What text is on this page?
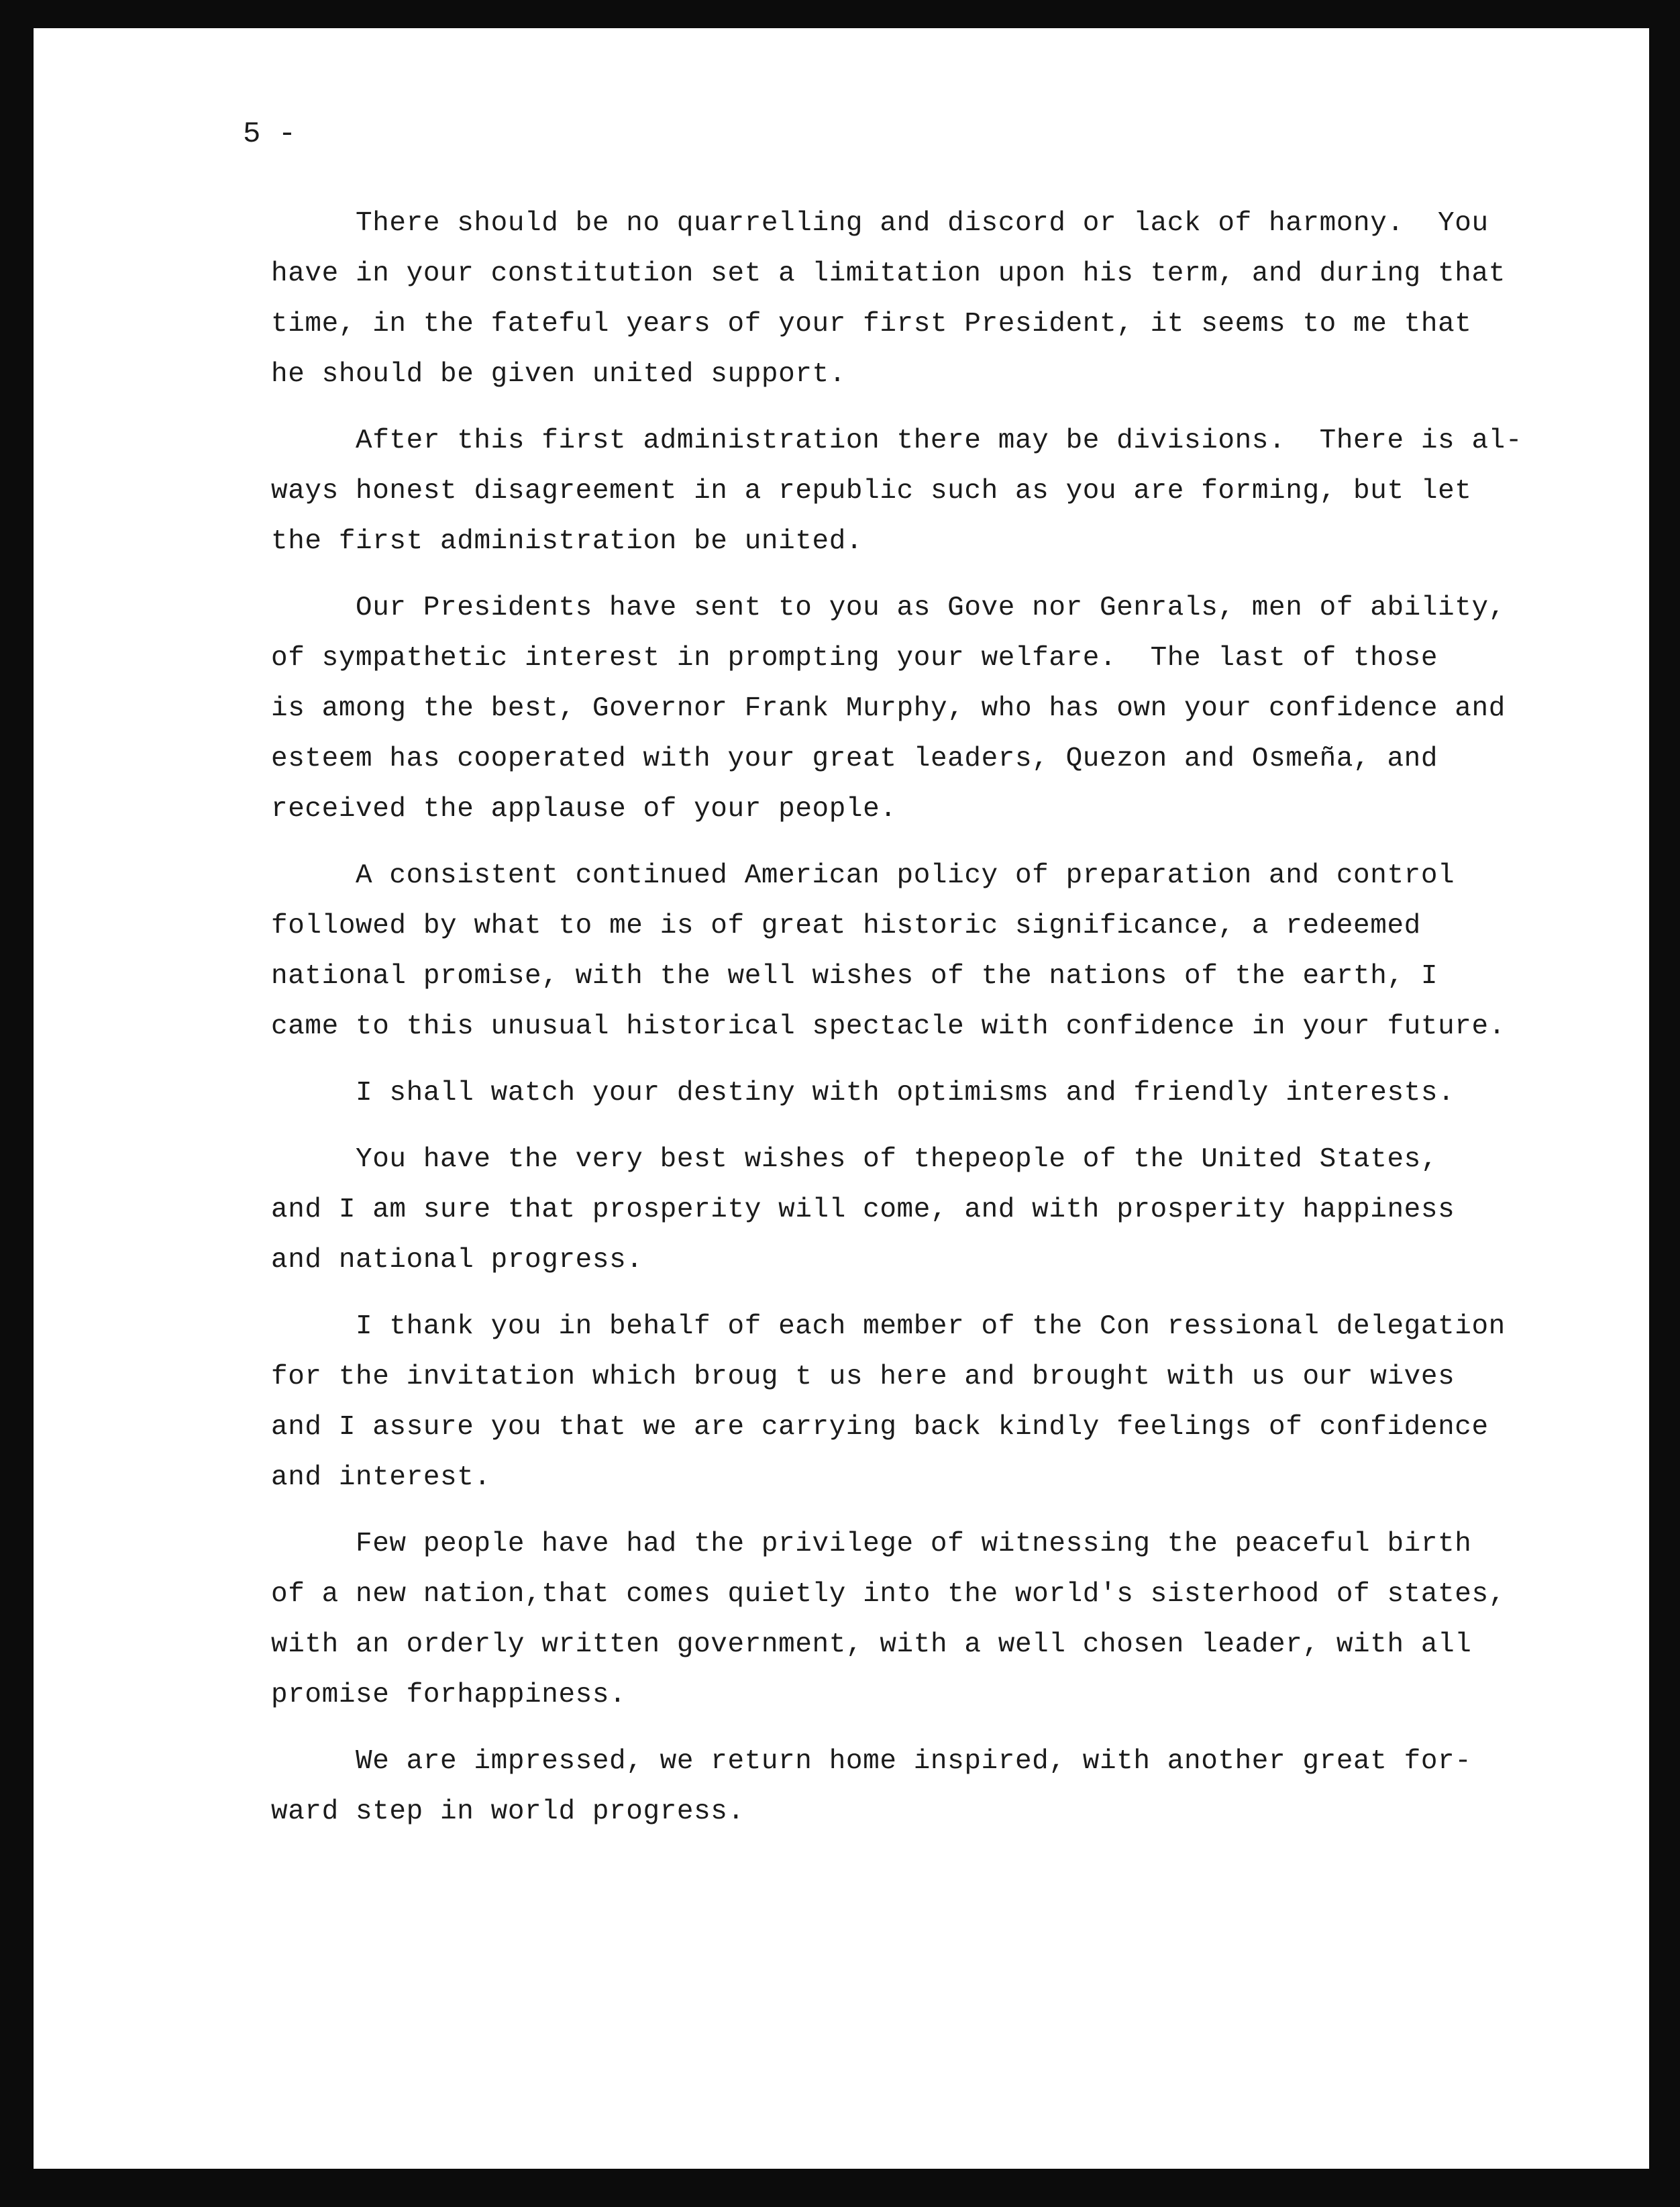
5 -
There should be no quarrelling and discord or lack of harmony.  You
have in your constitution set a limitation upon his term, and during that
time, in the fateful years of your first President, it seems to me that
he should be given united support.
After this first administration there may be divisions.  There is al-
ways honest disagreement in a republic such as you are forming, but let
the first administration be united.
Our Presidents have sent to you as Gove nor Genrals, men of ability,
of sympathetic interest in prompting your welfare.  The last of those
is among the best, Governor Frank Murphy, who has own your confidence and
esteem has cooperated with your great leaders, Quezon and Osmeña, and
received the applause of your people.
A consistent continued American policy of preparation and control
followed by what to me is of great historic significance, a redeemed
national promise, with the well wishes of the nations of the earth, I
came to this unusual historical spectacle with confidence in your future.
I shall watch your destiny with optimisms and friendly interests.
You have the very best wishes of thepeople of the United States,
and I am sure that prosperity will come, and with prosperity happiness
and national progress.
I thank you in behalf of each member of the Con ressional delegation
for the invitation which broug t us here and brought with us our wives
and I assure you that we are carrying back kindly feelings of confidence
and interest.
Few people have had the privilege of witnessing the peaceful birth
of a new nation,that comes quietly into the world's sisterhood of states,
with an orderly written government, with a well chosen leader, with all
promise forhappiness.
We are impressed, we return home inspired, with another great for-
ward step in world progress.
